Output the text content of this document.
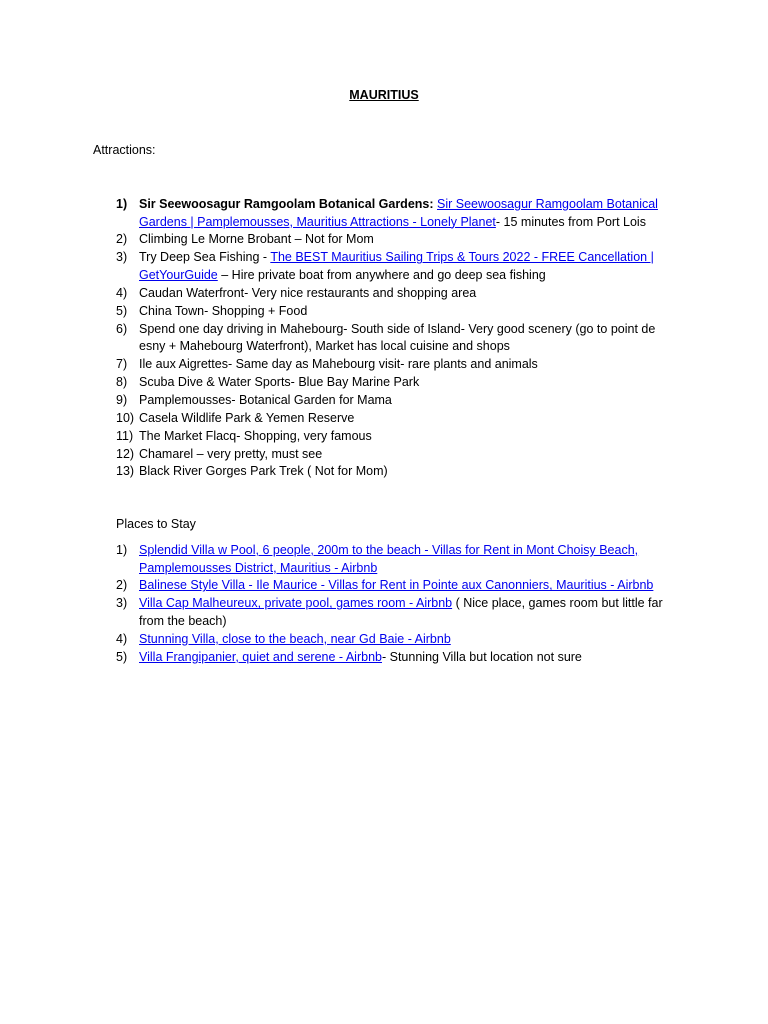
MAURITIUS
Attractions:
1) Sir Seewoosagur Ramgoolam Botanical Gardens: Sir Seewoosagur Ramgoolam Botanical Gardens | Pamplemousses, Mauritius Attractions - Lonely Planet- 15 minutes from Port Lois
2) Climbing Le Morne Brobant – Not for Mom
3) Try Deep Sea Fishing - The BEST Mauritius Sailing Trips & Tours 2022 - FREE Cancellation | GetYourGuide – Hire private boat from anywhere and go deep sea fishing
4) Caudan Waterfront- Very nice restaurants and shopping area
5) China Town- Shopping + Food
6) Spend one day driving in Mahebourg- South side of Island- Very good scenery (go to point de esny + Mahebourg Waterfront), Market has local cuisine and shops
7) Ile aux Aigrettes- Same day as Mahebourg visit- rare plants and animals
8) Scuba Dive & Water Sports- Blue Bay Marine Park
9) Pamplemousses- Botanical Garden for Mama
10) Casela Wildlife Park & Yemen Reserve
11) The Market Flacq- Shopping, very famous
12) Chamarel – very pretty, must see
13) Black River Gorges Park Trek ( Not for Mom)
Places to Stay
1) Splendid Villa w Pool, 6 people, 200m to the beach - Villas for Rent in Mont Choisy Beach, Pamplemousses District, Mauritius - Airbnb
2) Balinese Style Villa - Ile Maurice - Villas for Rent in Pointe aux Canonniers, Mauritius - Airbnb
3) Villa Cap Malheureux, private pool, games room - Airbnb ( Nice place, games room but little far from the beach)
4) Stunning Villa, close to the beach, near Gd Baie - Airbnb
5) Villa Frangipanier, quiet and serene - Airbnb- Stunning Villa but location not sure
